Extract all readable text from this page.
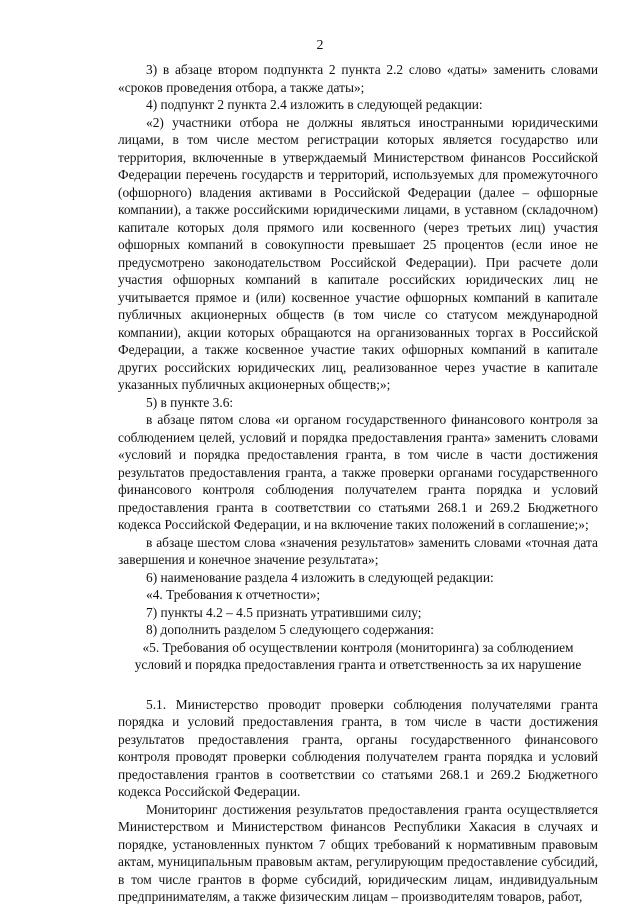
2

3) в абзаце втором подпункта 2 пункта 2.2 слово «даты» заменить словами «сроков проведения отбора, а также даты»;

4) подпункт 2 пункта 2.4 изложить в следующей редакции:

«2) участники отбора не должны являться иностранными юридическими лицами, в том числе местом регистрации которых является государство или территория, включенные в утверждаемый Министерством финансов Российской Федерации перечень государств и территорий, используемых для промежуточного (офшорного) владения активами в Российской Федерации (далее – офшорные компании), а также российскими юридическими лицами, в уставном (складочном) капитале которых доля прямого или косвенного (через третьих лиц) участия офшорных компаний в совокупности превышает 25 процентов (если иное не предусмотрено законодательством Российской Федерации). При расчете доли участия офшорных компаний в капитале российских юридических лиц не учитывается прямое и (или) косвенное участие офшорных компаний в капитале публичных акционерных обществ (в том числе со статусом международной компании), акции которых обращаются на организованных торгах в Российской Федерации, а также косвенное участие таких офшорных компаний в капитале других российских юридических лиц, реализованное через участие в капитале указанных публичных акционерных обществ;»;

5) в пункте 3.6:

в абзаце пятом слова «и органом государственного финансового контроля за соблюдением целей, условий и порядка предоставления гранта» заменить словами «условий и порядка предоставления гранта, в том числе в части достижения результатов предоставления гранта, а также проверки органами государственного финансового контроля соблюдения получателем гранта порядка и условий предоставления гранта в соответствии со статьями 268.1 и 269.2 Бюджетного кодекса Российской Федерации, и на включение таких положений в соглашение;»;

в абзаце шестом слова «значения результатов» заменить словами «точная дата завершения и конечное значение результата»;

6) наименование раздела 4 изложить в следующей редакции:

«4. Требования к отчетности»;

7) пункты 4.2 – 4.5 признать утратившими силу;

8) дополнить разделом 5 следующего содержания:

«5. Требования об осуществлении контроля (мониторинга) за соблюдением условий и порядка предоставления гранта и ответственность за их нарушение

5.1. Министерство проводит проверки соблюдения получателями гранта порядка и условий предоставления гранта, в том числе в части достижения результатов предоставления гранта, органы государственного финансового контроля проводят проверки соблюдения получателем гранта порядка и условий предоставления грантов в соответствии со статьями 268.1 и 269.2 Бюджетного кодекса Российской Федерации.

Мониторинг достижения результатов предоставления гранта осуществляется Министерством и Министерством финансов Республики Хакасия в случаях и порядке, установленных пунктом 7 общих требований к нормативным правовым актам, муниципальным правовым актам, регулирующим предоставление субсидий, в том числе грантов в форме субсидий, юридическим лицам, индивидуальным предпринимателям, а также физическим лицам – производителям товаров, работ,
